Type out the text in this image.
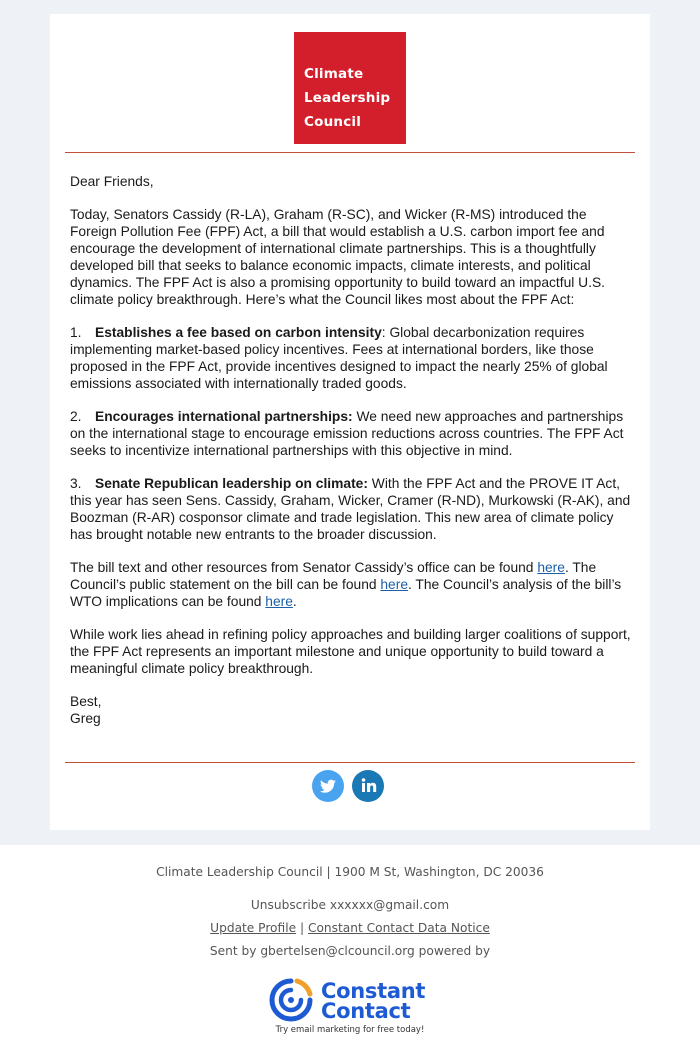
Climate
Leadership
Council

Dear Friends,

Today, Senators Cassidy (R-LA), Graham (R-SC), and Wicker (R-MS) introduced the Foreign Pollution Fee (FPF) Act, a bill that would establish a U.S. carbon import fee and encourage the development of international climate partnerships. This is a thoughtfully developed bill that seeks to balance economic impacts, climate interests, and political dynamics. The FPF Act is also a promising opportunity to build toward an impactful U.S. climate policy breakthrough. Here’s what the Council likes most about the FPF Act:

1. Establishes a fee based on carbon intensity: Global decarbonization requires implementing market-based policy incentives. Fees at international borders, like those proposed in the FPF Act, provide incentives designed to impact the nearly 25% of global emissions associated with internationally traded goods.

2. Encourages international partnerships: We need new approaches and partnerships on the international stage to encourage emission reductions across countries. The FPF Act seeks to incentivize international partnerships with this objective in mind.

3. Senate Republican leadership on climate: With the FPF Act and the PROVE IT Act, this year has seen Sens. Cassidy, Graham, Wicker, Cramer (R-ND), Murkowski (R-AK), and Boozman (R-AR) cosponsor climate and trade legislation. This new area of climate policy has brought notable new entrants to the broader discussion.

The bill text and other resources from Senator Cassidy’s office can be found here. The Council’s public statement on the bill can be found here. The Council’s analysis of the bill’s WTO implications can be found here.

While work lies ahead in refining policy approaches and building larger coalitions of support, the FPF Act represents an important milestone and unique opportunity to build toward a meaningful climate policy breakthrough.

Best,
Greg
Climate Leadership Council | 1900 M St, Washington, DC 20036
Unsubscribe xxxxxx@gmail.com
Update Profile | Constant Contact Data Notice
Sent by gbertelsen@clcouncil.org powered by
Constant
Contact
Try email marketing for free today!
